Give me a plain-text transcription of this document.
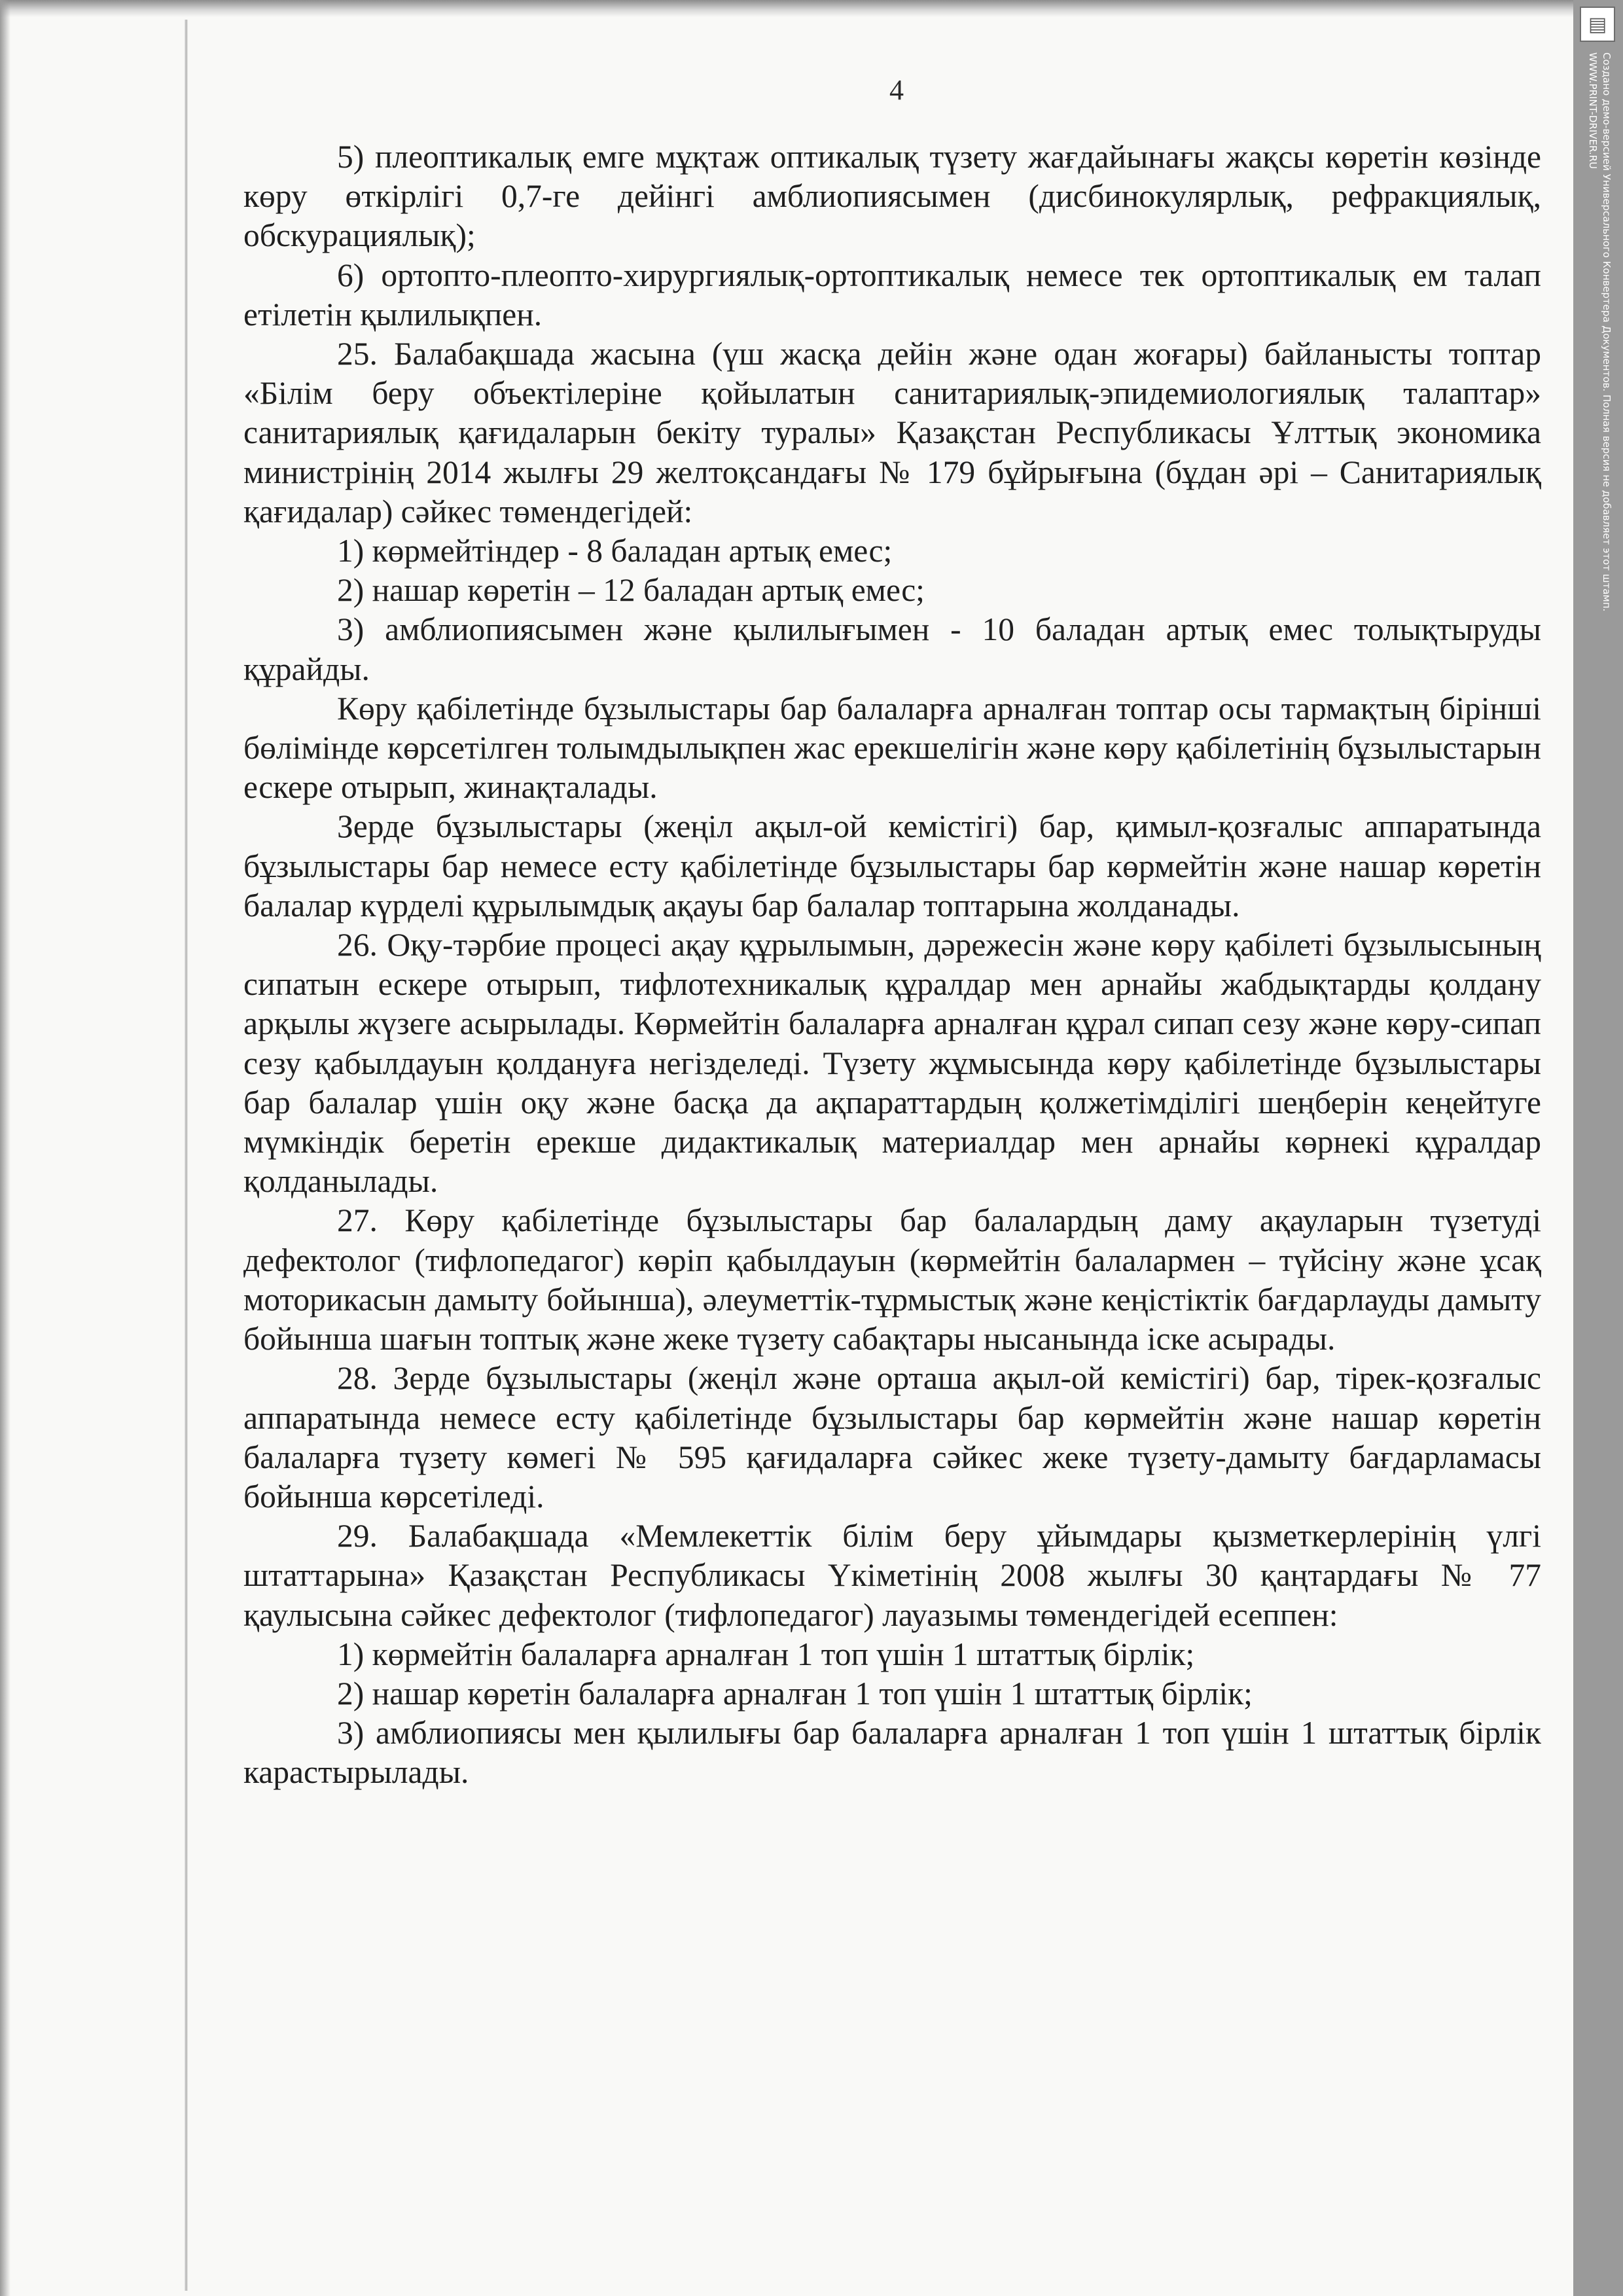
▤
Создано демо-версией Универсального Конвертера Документов. Полная версия не добавляет этот штамп.
WWW.PRINT-DRIVER.RU
4

5) плеоптикалық емге мұқтаж оптикалық түзету жағдайынағы жақсы көретін көзінде көру өткірлігі 0,7-ге дейінгі амблиопиясымен (дисбинокулярлық, рефракциялық, обскурациялық);

6) ортопто-плеопто-хирургиялық-ортоптикалық немесе тек ортоптикалық ем талап етілетін қылилықпен.

25. Балабақшада жасына (үш жасқа дейін және одан жоғары) байланысты топтар «Білім беру объектілеріне қойылатын санитариялық-эпидемиологиялық талаптар» санитариялық қағидаларын бекіту туралы» Қазақстан Республикасы Ұлттық экономика министрінің 2014 жылғы 29 желтоқсандағы № 179 бұйрығына (бұдан әрі – Санитариялық қағидалар) сәйкес төмендегідей:

1) көрмейтіндер - 8 баладан артық емес;

2) нашар көретін – 12 баладан артық емес;

3) амблиопиясымен және қылилығымен - 10 баладан артық емес толықтыруды құрайды.

Көру қабілетінде бұзылыстары бар балаларға арналған топтар осы тармақтың бірінші бөлімінде көрсетілген толымдылықпен жас ерекшелігін және көру қабілетінің бұзылыстарын ескере отырып, жинақталады.

Зерде бұзылыстары (жеңіл ақыл-ой кемістігі) бар, қимыл-қозғалыс аппаратында бұзылыстары бар немесе есту қабілетінде бұзылыстары бар көрмейтін және нашар көретін балалар күрделі құрылымдық ақауы бар балалар топтарына жолданады.

26. Оқу-тәрбие процесі ақау құрылымын, дәрежесін және көру қабілеті бұзылысының сипатын ескере отырып, тифлотехникалық құралдар мен арнайы жабдықтарды қолдану арқылы жүзеге асырылады. Көрмейтін балаларға арналған құрал сипап сезу және көру-сипап сезу қабылдауын қолдануға негізделеді. Түзету жұмысында көру қабілетінде бұзылыстары бар балалар үшін оқу және басқа да ақпараттардың қолжетімділігі шеңберін кеңейтуге мүмкіндік беретін ерекше дидактикалық материалдар мен арнайы көрнекі құралдар қолданылады.

27. Көру қабілетінде бұзылыстары бар балалардың даму ақауларын түзетуді дефектолог (тифлопедагог) көріп қабылдауын (көрмейтін балалармен – түйсіну және ұсақ моторикасын дамыту бойынша), әлеуметтік-тұрмыстық және кеңістіктік бағдарлауды дамыту бойынша шағын топтық және жеке түзету сабақтары нысанында іске асырады.

28. Зерде бұзылыстары (жеңіл және орташа ақыл-ой кемістігі) бар, тірек-қозғалыс аппаратында немесе есту қабілетінде бұзылыстары бар көрмейтін және нашар көретін балаларға түзету көмегі № 595 қағидаларға сәйкес жеке түзету-дамыту бағдарламасы бойынша көрсетіледі.

29. Балабақшада «Мемлекеттік білім беру ұйымдары қызметкерлерінің үлгі штаттарына» Қазақстан Республикасы Үкіметінің 2008 жылғы 30 қаңтардағы № 77 қаулысына сәйкес дефектолог (тифлопедагог) лауазымы төмендегідей есеппен:

1) көрмейтін балаларға арналған 1 топ үшін 1 штаттық бірлік;

2) нашар көретін балаларға арналған 1 топ үшін 1 штаттық бірлік;

3) амблиопиясы мен қылилығы бар балаларға арналған 1 топ үшін 1 штаттық бірлік карастырылады.
